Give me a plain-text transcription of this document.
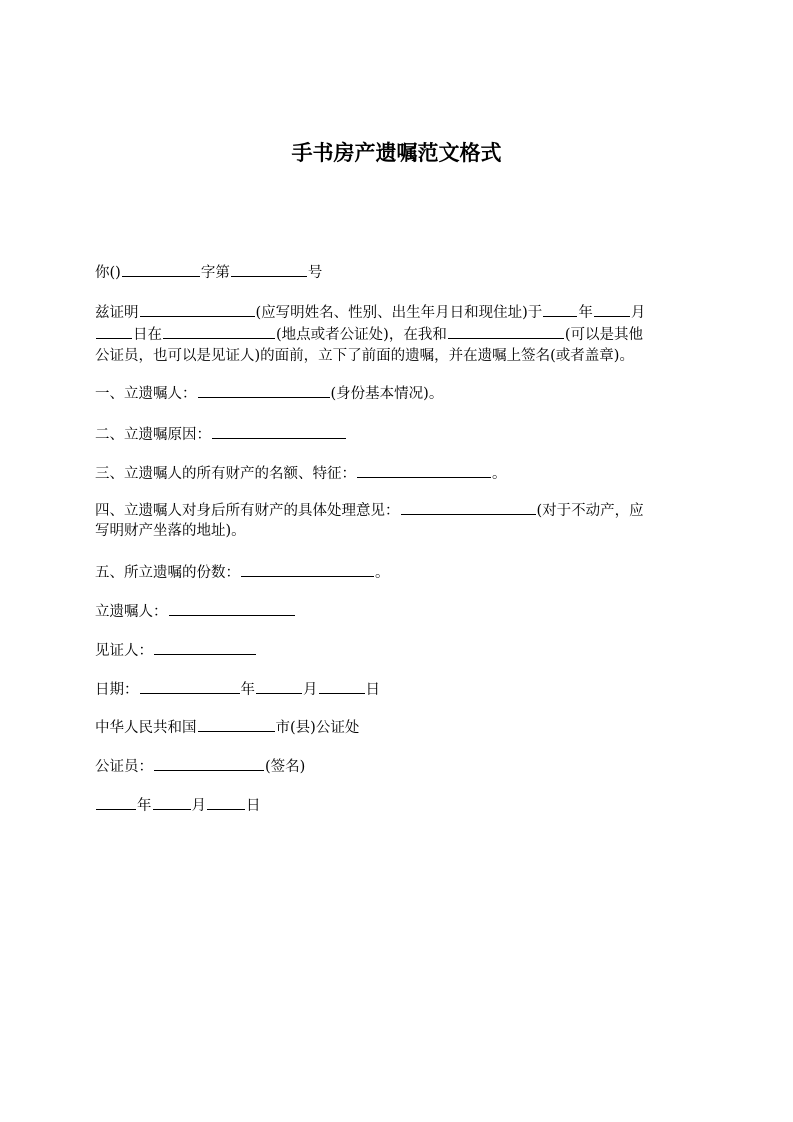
手书房产遗嘱范文格式
你()	字第	号
兹证明	(应写明姓名、性别、出生年月日和现住址)于 年	月
日在	(地点或者公证处)，在我和	(可以是其他
公证员，也可以是见证人)的面前，立下了前面的遗嘱，并在遗嘱上签名(或者盖章)。
一、立遗嘱人：	(身份基本情况)。
二、立遗嘱原因：
三、立遗嘱人的所有财产的名额、特征：	。
四、立遗嘱人对身后所有财产的具体处理意见：	(对于不动产，应
写明财产坐落的地址)。
五、所立遗嘱的份数：	。
立遗嘱人：
见证人：
日期：	年	月	日
中华人民共和国	市(县)公证处
公证员：	(签名)
年	月	日
